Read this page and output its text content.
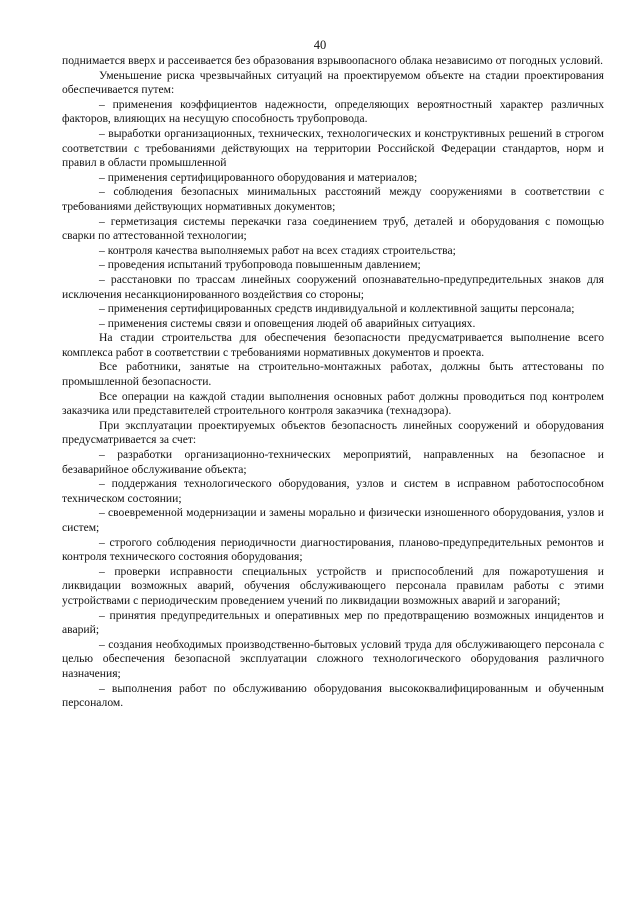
40

поднимается вверх и рассеивается без образования взрывоопасного облака независимо от погодных условий.

Уменьшение риска чрезвычайных ситуаций на проектируемом объекте на стадии проектирования обеспечивается путем:

– применения коэффициентов надежности, определяющих вероятностный характер различных факторов, влияющих на несущую способность трубопровода.

– выработки организационных, технических, технологических и конструктивных решений в строгом соответствии с требованиями действующих на территории Российской Федерации стандартов, норм и правил в области промышленной

– применения сертифицированного оборудования и материалов;

– соблюдения безопасных минимальных расстояний между сооружениями в соответствии с требованиями действующих нормативных документов;

– герметизация системы перекачки газа соединением труб, деталей и оборудования с помощью сварки по аттестованной технологии;

– контроля качества выполняемых работ на всех стадиях строительства;

– проведения испытаний трубопровода повышенным давлением;

– расстановки по трассам линейных сооружений опознавательно-предупредительных знаков для исключения несанкционированного воздействия со стороны;

– применения сертифицированных средств индивидуальной и коллективной защиты персонала;

– применения системы связи и оповещения людей об аварийных ситуациях.

На стадии строительства для обеспечения безопасности предусматривается выполнение всего комплекса работ в соответствии с требованиями нормативных документов и проекта.

Все работники, занятые на строительно-монтажных работах, должны быть аттестованы по промышленной безопасности.

Все операции на каждой стадии выполнения основных работ должны проводиться под контролем заказчика или представителей строительного контроля заказчика (технадзора).

При эксплуатации проектируемых объектов безопасность линейных сооружений и оборудования предусматривается за счет:

– разработки организационно-технических мероприятий, направленных на безопасное и безаварийное обслуживание объекта;

– поддержания технологического оборудования, узлов и систем в исправном работоспособном техническом состоянии;

– своевременной модернизации и замены морально и физически изношенного оборудования, узлов и систем;

– строгого соблюдения периодичности диагностирования, планово-предупредительных ремонтов и контроля технического состояния оборудования;

– проверки исправности специальных устройств и приспособлений для пожаротушения и ликвидации возможных аварий, обучения обслуживающего персонала правилам работы с этими устройствами с периодическим проведением учений по ликвидации возможных аварий и загораний;

– принятия предупредительных и оперативных мер по предотвращению возможных инцидентов и аварий;

– создания необходимых производственно-бытовых условий труда для обслуживающего персонала с целью обеспечения безопасной эксплуатации сложного технологического оборудования различного назначения;

– выполнения работ по обслуживанию оборудования высококвалифицированным и обученным персоналом.
